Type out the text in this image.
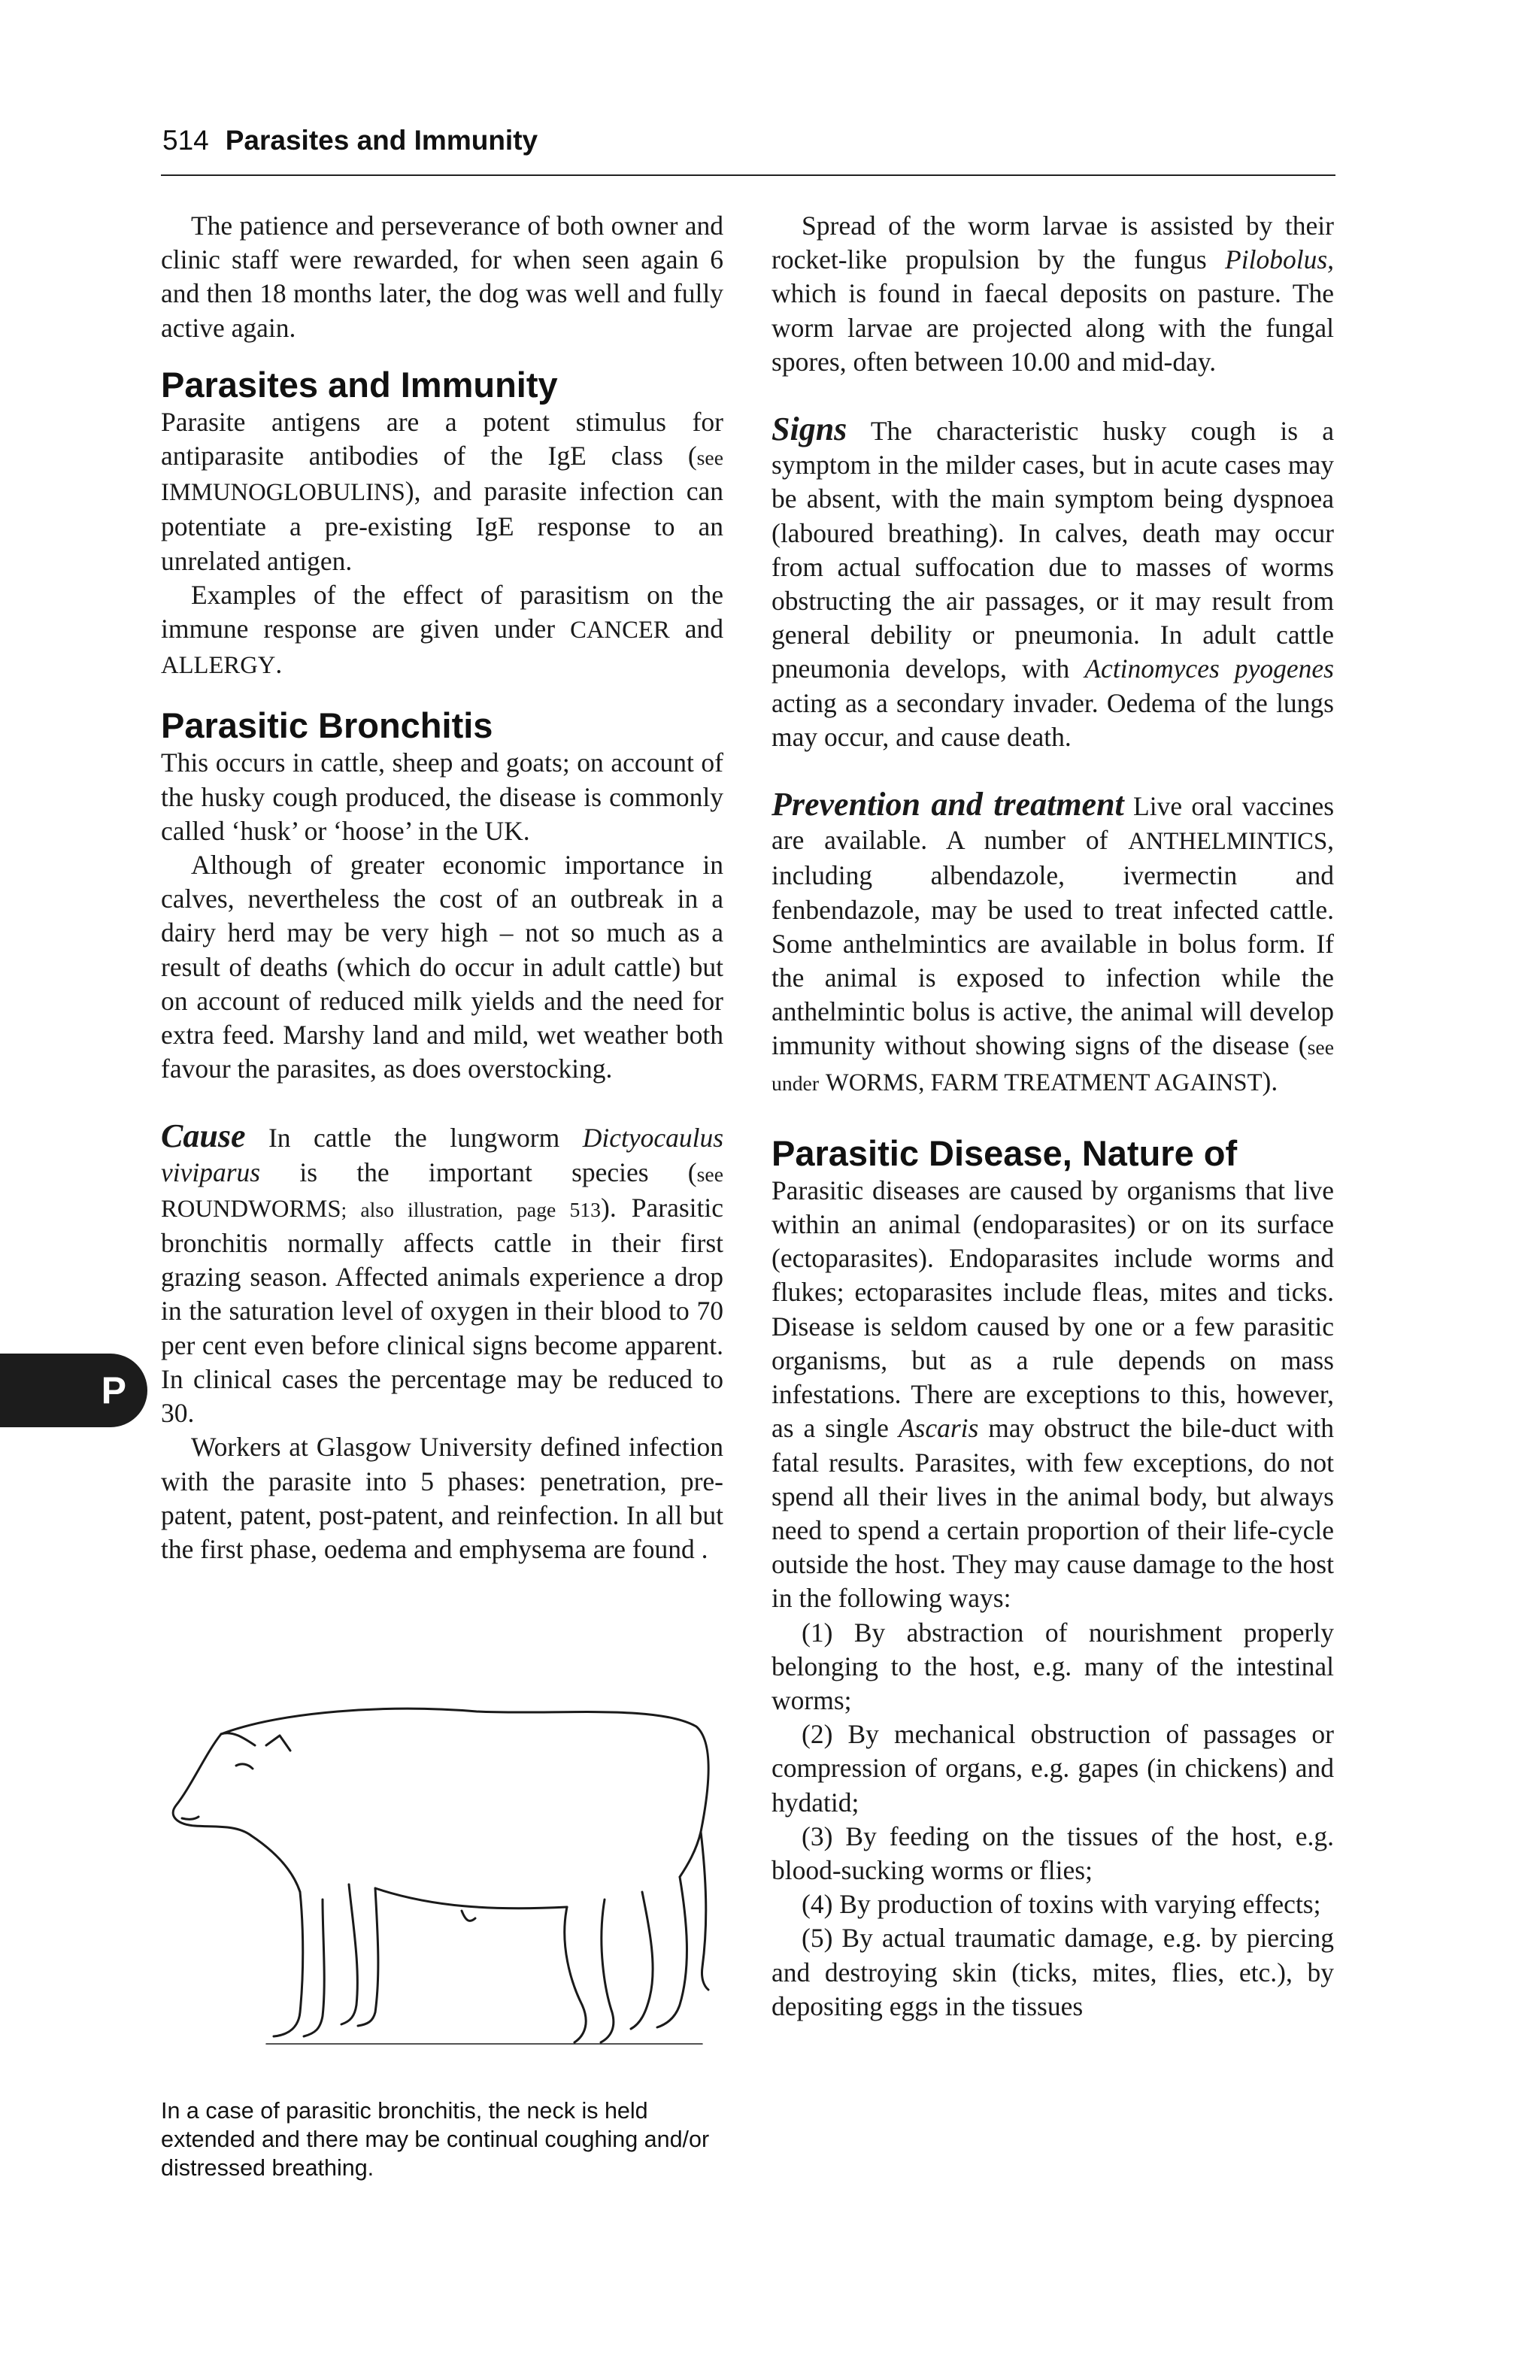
514 Parasites and Immunity
P

The patience and perseverance of both owner and clinic staff were rewarded, for when seen again 6 and then 18 months later, the dog was well and fully active again.

Parasites and Immunity

Parasite antigens are a potent stimulus for antiparasite antibodies of the IgE class (see IMMUNOGLOBULINS), and parasite infection can potentiate a pre-existing IgE response to an unrelated antigen.

Examples of the effect of parasitism on the immune response are given under CANCER and ALLERGY.

Parasitic Bronchitis

This occurs in cattle, sheep and goats; on account of the husky cough produced, the disease is commonly called ‘husk’ or ‘hoose’ in the UK.

Although of greater economic importance in calves, nevertheless the cost of an outbreak in a dairy herd may be very high – not so much as a result of deaths (which do occur in adult cattle) but on account of reduced milk yields and the need for extra feed. Marshy land and mild, wet weather both favour the parasites, as does overstocking.

Cause In cattle the lungworm Dictyocaulus viviparus is the important species (see ROUNDWORMS; also illustration, page 513). Parasitic bronchitis normally affects cattle in their first grazing season. Affected animals experience a drop in the saturation level of oxygen in their blood to 70 per cent even before clinical signs become apparent. In clinical cases the percentage may be reduced to 30.

Workers at Glasgow University defined infection with the parasite into 5 phases: penetration, pre-patent, patent, post-patent, and reinfection. In all but the first phase, oedema and emphysema are found .

In a case of parasitic bronchitis, the neck is held extended and there may be continual coughing and/or distressed breathing.

Spread of the worm larvae is assisted by their rocket-like propulsion by the fungus Pilobolus, which is found in faecal deposits on pasture. The worm larvae are projected along with the fungal spores, often between 10.00 and mid-day.

Signs The characteristic husky cough is a symptom in the milder cases, but in acute cases may be absent, with the main symptom being dyspnoea (laboured breathing). In calves, death may occur from actual suffocation due to masses of worms obstructing the air passages, or it may result from general debility or pneumonia. In adult cattle pneumonia develops, with Actinomyces pyogenes acting as a secondary invader. Oedema of the lungs may occur, and cause death.

Prevention and treatment Live oral vaccines are available. A number of ANTHELMINTICS, including albendazole, ivermectin and fenbendazole, may be used to treat infected cattle. Some anthelmintics are available in bolus form. If the animal is exposed to infection while the anthelmintic bolus is active, the animal will develop immunity without showing signs of the disease (see under WORMS, FARM TREATMENT AGAINST).

Parasitic Disease, Nature of

Parasitic diseases are caused by organisms that live within an animal (endoparasites) or on its surface (ectoparasites). Endoparasites include worms and flukes; ectoparasites include fleas, mites and ticks. Disease is seldom caused by one or a few parasitic organisms, but as a rule depends on mass infestations. There are exceptions to this, however, as a single Ascaris may obstruct the bile-duct with fatal results. Parasites, with few exceptions, do not spend all their lives in the animal body, but always need to spend a certain proportion of their life-cycle outside the host. They may cause damage to the host in the following ways:

(1) By abstraction of nourishment properly belonging to the host, e.g. many of the intestinal worms;

(2) By mechanical obstruction of passages or compression of organs, e.g. gapes (in chickens) and hydatid;

(3) By feeding on the tissues of the host, e.g. blood-sucking worms or flies;

(4) By production of toxins with varying effects;

(5) By actual traumatic damage, e.g. by piercing and destroying skin (ticks, mites, flies, etc.), by depositing eggs in the tissues
